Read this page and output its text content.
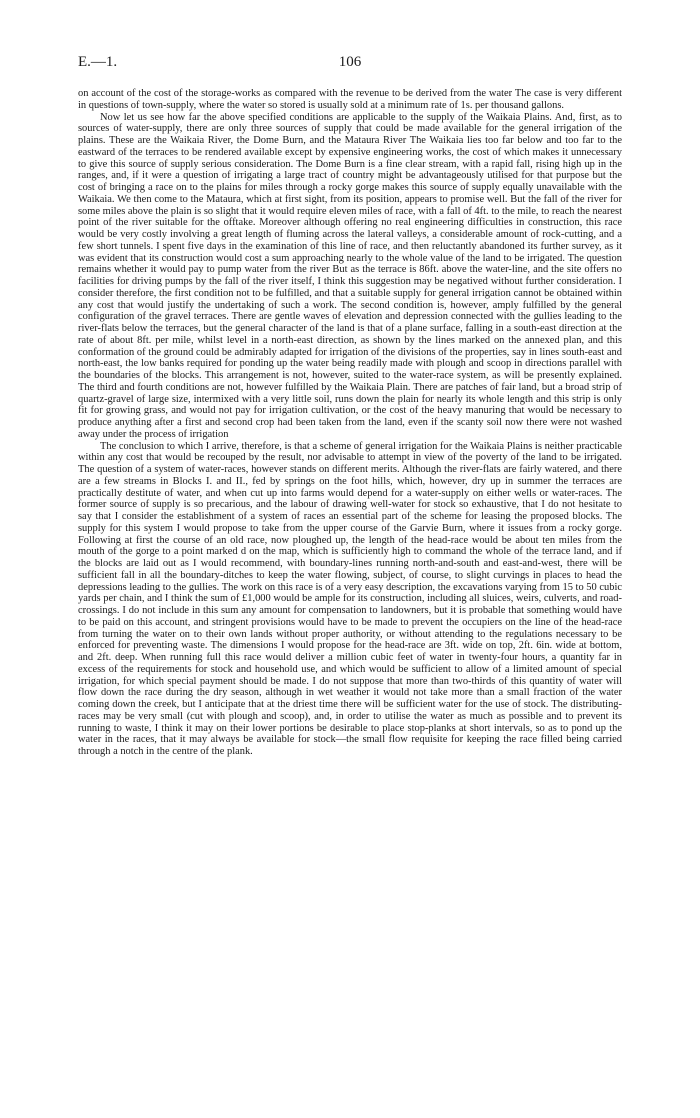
E.—1.	106

on account of the cost of the storage-works as compared with the revenue to be derived from the water The case is very different in questions of town-supply, where the water so stored is usually sold at a minimum rate of 1s. per thousand gallons.

Now let us see how far the above specified conditions are applicable to the supply of the Waikaia Plains. And, first, as to sources of water-supply, there are only three sources of supply that could be made available for the general irrigation of the plains. These are the Waikaia River, the Dome Burn, and the Mataura River The Waikaia lies too far below and too far to the eastward of the terraces to be rendered available except by expensive engineering works, the cost of which makes it unnecessary to give this source of supply serious consideration. The Dome Burn is a fine clear stream, with a rapid fall, rising high up in the ranges, and, if it were a question of irrigating a large tract of country might be advantageously utilised for that purpose but the cost of bringing a race on to the plains for miles through a rocky gorge makes this source of supply equally unavailable with the Waikaia. We then come to the Mataura, which at first sight, from its position, appears to promise well. But the fall of the river for some miles above the plain is so slight that it would require eleven miles of race, with a fall of 4ft. to the mile, to reach the nearest point of the river suitable for the offtake. Moreover although offering no real engineering difficulties in construction, this race would be very costly involving a great length of fluming across the lateral valleys, a considerable amount of rock-cutting, and a few short tunnels. I spent five days in the examination of this line of race, and then reluctantly abandoned its further survey, as it was evident that its construction would cost a sum approaching nearly to the whole value of the land to be irrigated. The question remains whether it would pay to pump water from the river But as the terrace is 86ft. above the water-line, and the site offers no facilities for driving pumps by the fall of the river itself, I think this suggestion may be negatived without further consideration. I consider therefore, the first condition not to be fulfilled, and that a suitable supply for general irrigation cannot be obtained within any cost that would justify the undertaking of such a work. The second condition is, however, amply fulfilled by the general configuration of the gravel terraces. There are gentle waves of elevation and depression connected with the gullies leading to the river-flats below the terraces, but the general character of the land is that of a plane surface, falling in a south-east direction at the rate of about 8ft. per mile, whilst level in a north-east direction, as shown by the lines marked on the annexed plan, and this conformation of the ground could be admirably adapted for irrigation of the divisions of the properties, say in lines south-east and north-east, the low banks required for ponding up the water being readily made with plough and scoop in directions parallel with the boundaries of the blocks. This arrangement is not, however, suited to the water-race system, as will be presently explained. The third and fourth conditions are not, however fulfilled by the Waikaia Plain. There are patches of fair land, but a broad strip of quartz-gravel of large size, intermixed with a very little soil, runs down the plain for nearly its whole length and this strip is only fit for growing grass, and would not pay for irrigation cultivation, or the cost of the heavy manuring that would be necessary to produce anything after a first and second crop had been taken from the land, even if the scanty soil now there were not washed away under the process of irrigation

The conclusion to which I arrive, therefore, is that a scheme of general irrigation for the Waikaia Plains is neither practicable within any cost that would be recouped by the result, nor advisable to attempt in view of the poverty of the land to be irrigated. The question of a system of water-races, however stands on different merits. Although the river-flats are fairly watered, and there are a few streams in Blocks I. and II., fed by springs on the foot hills, which, however, dry up in summer the terraces are practically destitute of water, and when cut up into farms would depend for a water-supply on either wells or water-races. The former source of supply is so precarious, and the labour of drawing well-water for stock so exhaustive, that I do not hesitate to say that I consider the establishment of a system of races an essential part of the scheme for leasing the proposed blocks. The supply for this system I would propose to take from the upper course of the Garvie Burn, where it issues from a rocky gorge. Following at first the course of an old race, now ploughed up, the length of the head-race would be about ten miles from the mouth of the gorge to a point marked d on the map, which is sufficiently high to command the whole of the terrace land, and if the blocks are laid out as I would recommend, with boundary-lines running north-and-south and east-and-west, there will be sufficient fall in all the boundary-ditches to keep the water flowing, subject, of course, to slight curvings in places to head the depressions leading to the gullies. The work on this race is of a very easy description, the excavations varying from 15 to 50 cubic yards per chain, and I think the sum of £1,000 would be ample for its construction, including all sluices, weirs, culverts, and road-crossings. I do not include in this sum any amount for compensation to landowners, but it is probable that something would have to be paid on this account, and stringent provisions would have to be made to prevent the occupiers on the line of the head-race from turning the water on to their own lands without proper authority, or without attending to the regulations necessary to be enforced for preventing waste. The dimensions I would propose for the head-race are 3ft. wide on top, 2ft. 6in. wide at bottom, and 2ft. deep. When running full this race would deliver a million cubic feet of water in twenty-four hours, a quantity far in excess of the requirements for stock and household use, and which would be sufficient to allow of a limited amount of special irrigation, for which special payment should be made. I do not suppose that more than two-thirds of this quantity of water will flow down the race during the dry season, although in wet weather it would not take more than a small fraction of the water coming down the creek, but I anticipate that at the driest time there will be sufficient water for the use of stock. The distributing-races may be very small (cut with plough and scoop), and, in order to utilise the water as much as possible and to prevent its running to waste, I think it may on their lower portions be desirable to place stop-planks at short intervals, so as to pond up the water in the races, that it may always be available for stock—the small flow requisite for keeping the race filled being carried through a notch in the centre of the plank.
